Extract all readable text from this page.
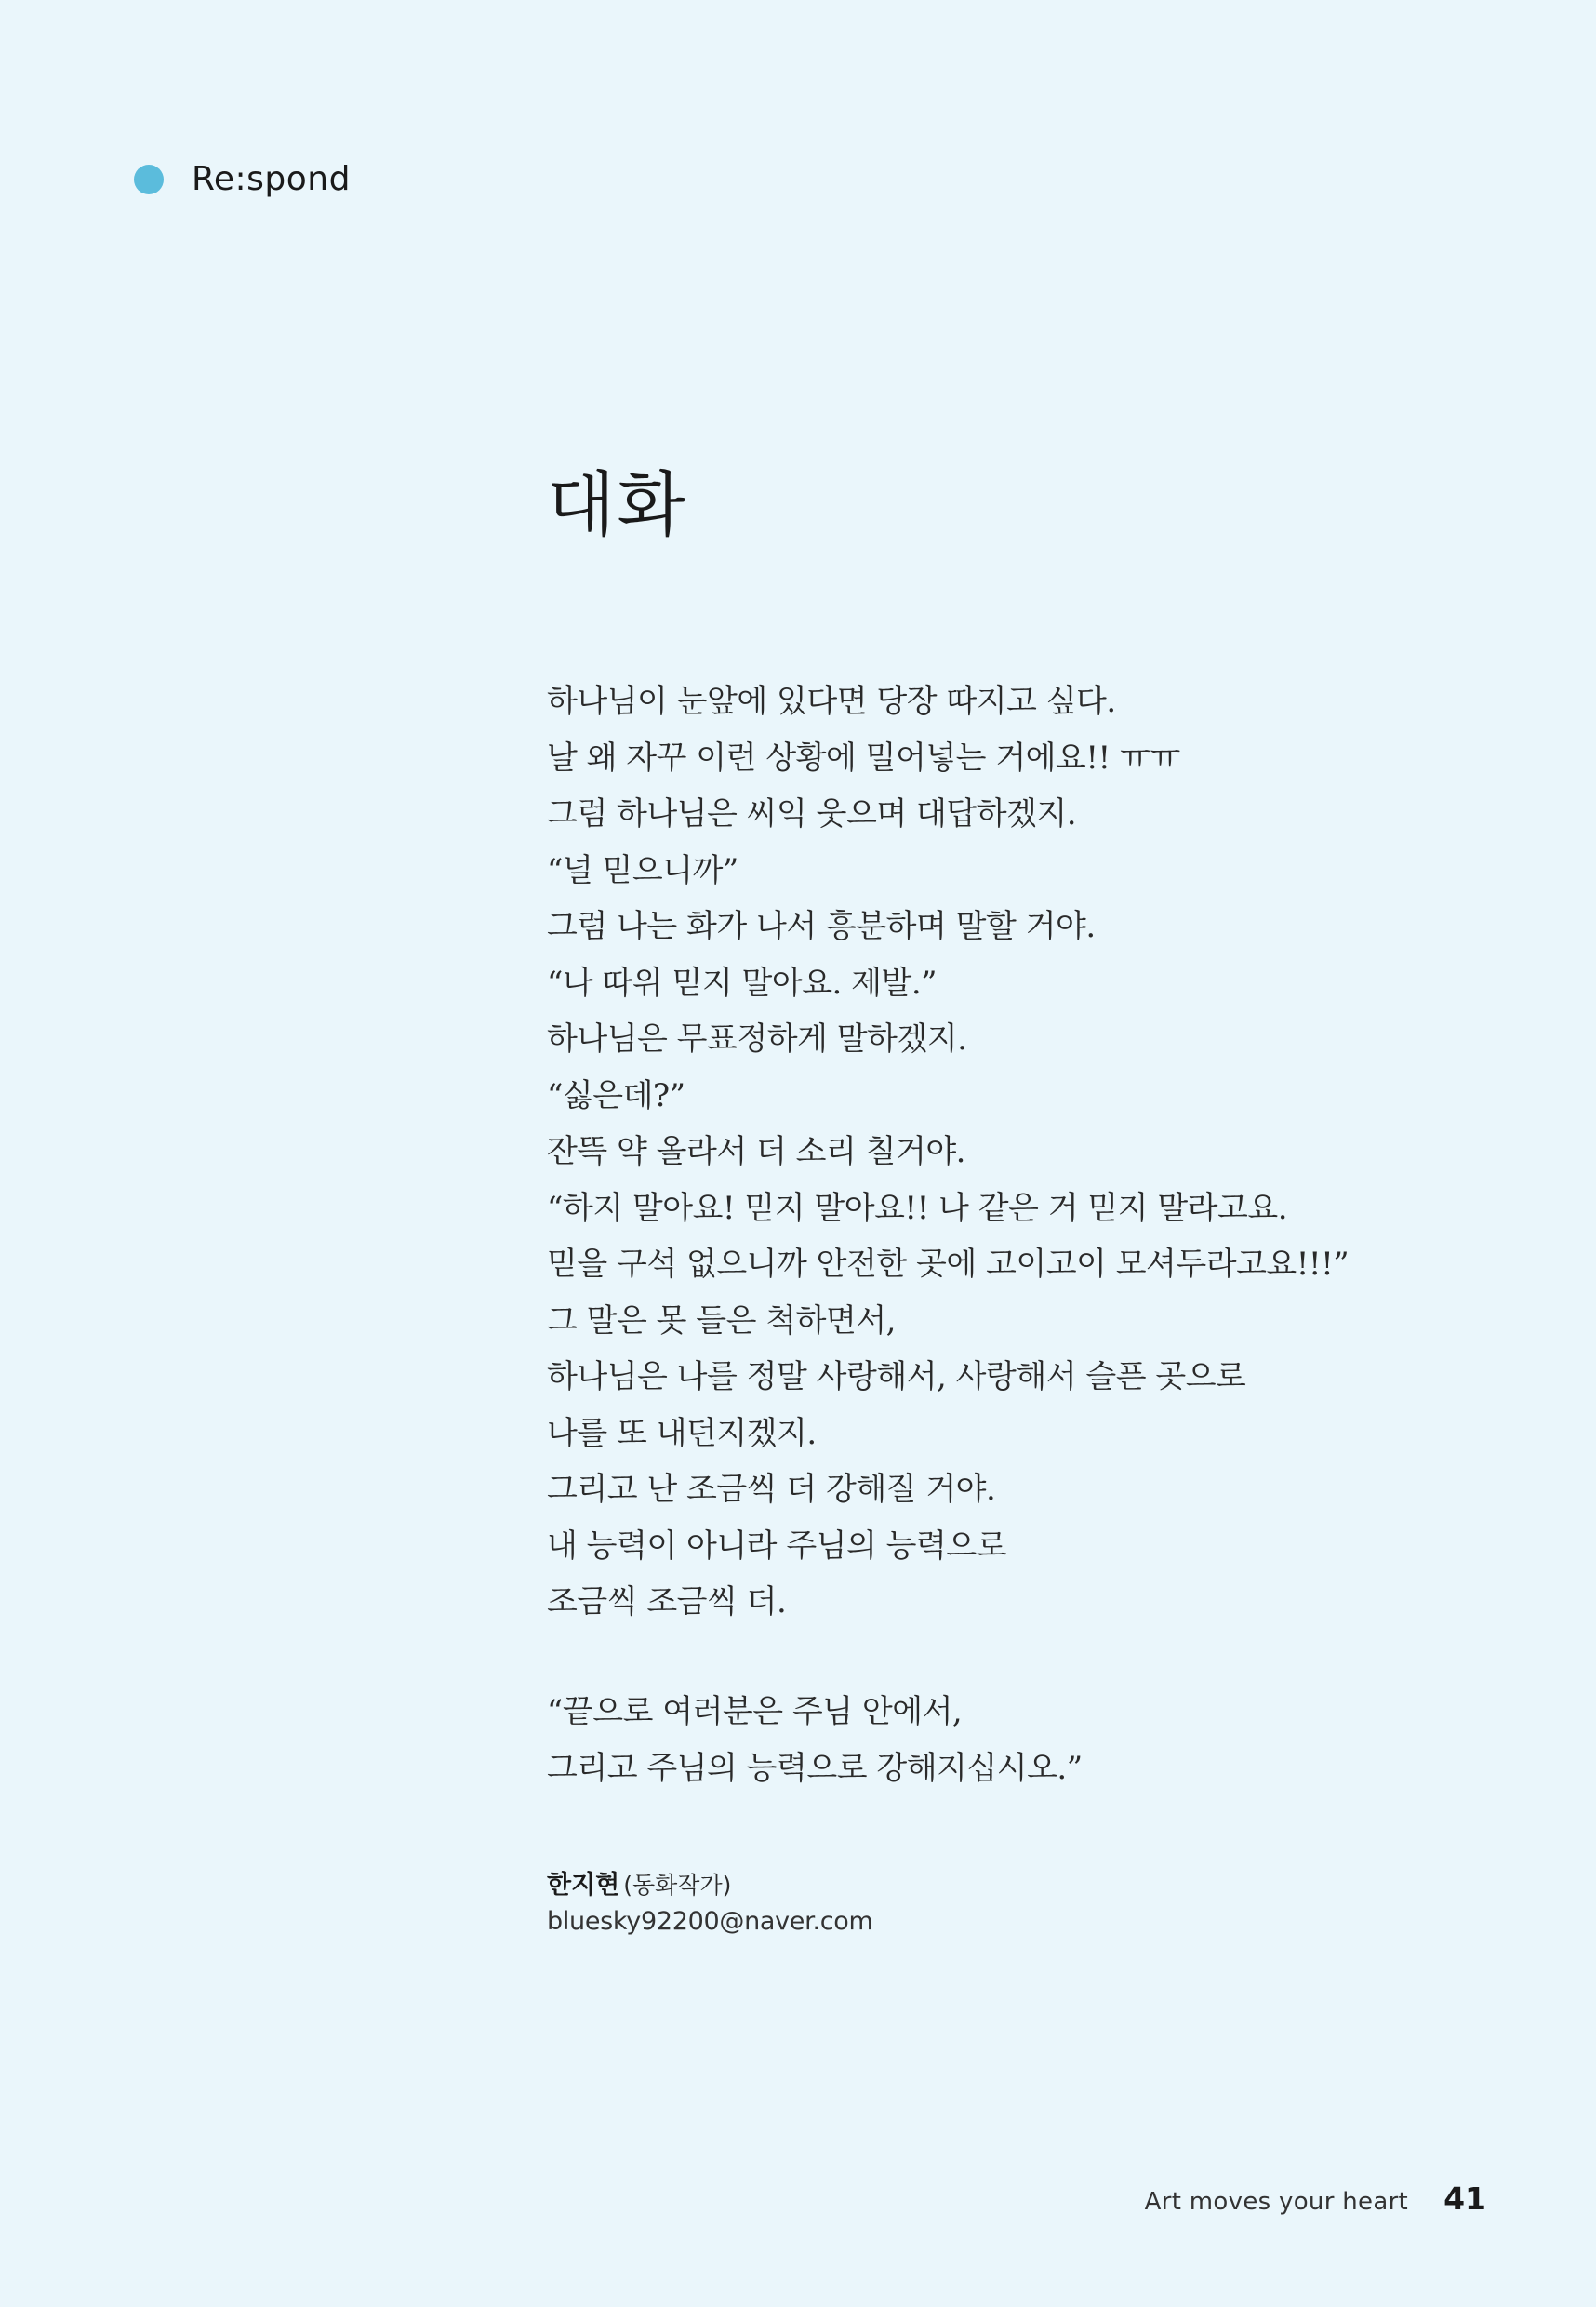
Re:spond
대화
하나님이 눈앞에 있다면 당장 따지고 싶다.
날 왜 자꾸 이런 상황에 밀어넣는 거에요!! ㅠㅠ
그럼 하나님은 씨익 웃으며 대답하겠지.
“널 믿으니까”
그럼 나는 화가 나서 흥분하며 말할 거야.
“나 따위 믿지 말아요. 제발.”
하나님은 무표정하게 말하겠지.
“싫은데?”
잔뜩 약 올라서 더 소리 칠거야.
“하지 말아요! 믿지 말아요!! 나 같은 거 믿지 말라고요.
믿을 구석 없으니까 안전한 곳에 고이고이 모셔두라고요!!!”
그 말은 못 들은 척하면서,
하나님은 나를 정말 사랑해서, 사랑해서 슬픈 곳으로
나를 또 내던지겠지.
그리고 난 조금씩 더 강해질 거야.
내 능력이 아니라 주님의 능력으로
조금씩 조금씩 더.
“끝으로 여러분은 주님 안에서,
그리고 주님의 능력으로 강해지십시오.”
한지현 (동화작가)
bluesky92200@naver.com
Art moves your heart 41
